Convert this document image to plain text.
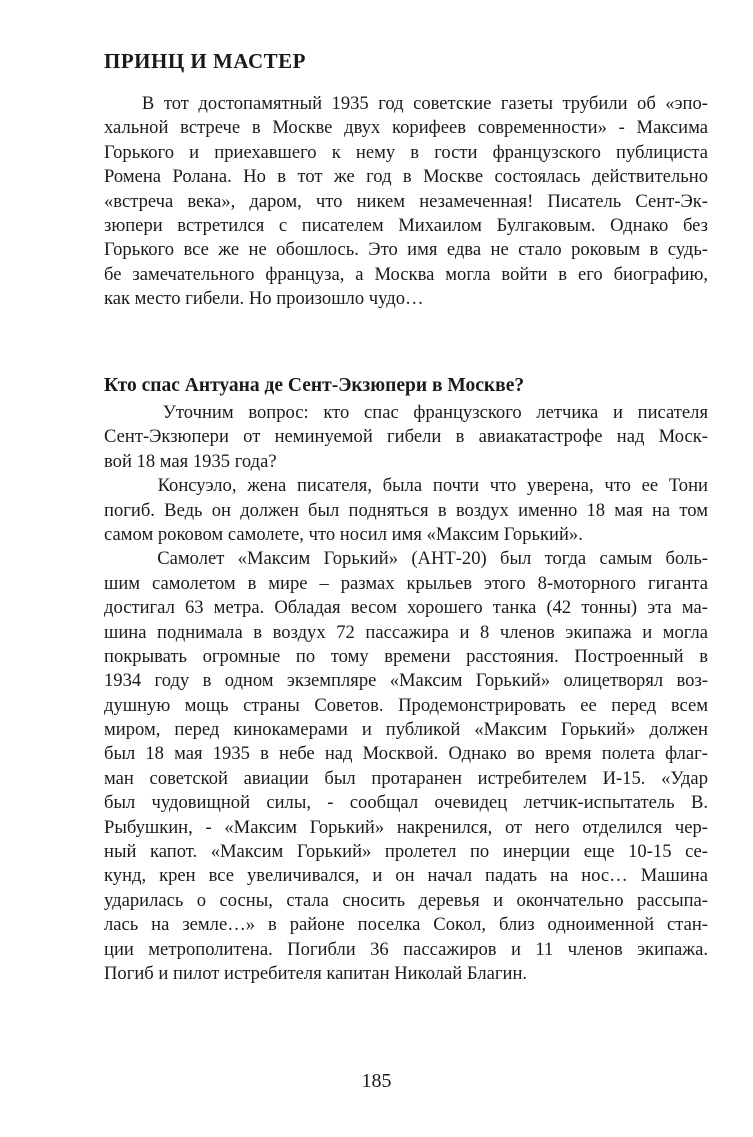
ПРИНЦ И МАСТЕР
В тот достопамятный 1935 год советские газеты трубили об «эпо-
хальной встрече в Москве двух корифеев современности» - Максима
Горького и приехавшего к нему в гости французского публициста
Ромена Ролана. Но в тот же год в Москве состоялась действительно
«встреча века», даром, что никем незамеченная! Писатель Сент-Эк-
зюпери встретился с писателем Михаилом Булгаковым. Однако без
Горького все же не обошлось. Это имя едва не стало роковым в судь-
бе замечательного француза, а Москва могла войти в его биографию,
как место гибели. Но произошло чудо…
Кто спас Антуана де Сент-Экзюпери в Москве?
Уточним вопрос: кто спас французского летчика и писателя
Сент-Экзюпери от неминуемой гибели в авиакатастрофе над Моск-
вой 18 мая 1935 года?
Консуэло, жена писателя, была почти что уверена, что ее Тони
погиб. Ведь он должен был подняться в воздух именно 18 мая на том
самом роковом самолете, что носил имя «Максим Горький».
Самолет «Максим Горький» (АНТ-20) был тогда самым боль-
шим самолетом в мире – размах крыльев этого 8-моторного гиганта
достигал 63 метра. Обладая весом хорошего танка (42 тонны) эта ма-
шина поднимала в воздух 72 пассажира и 8 членов экипажа и могла
покрывать огромные по тому времени расстояния. Построенный в
1934 году в одном экземпляре «Максим Горький» олицетворял воз-
душную мощь страны Советов. Продемонстрировать ее перед всем
миром, перед кинокамерами и публикой «Максим Горький» должен
был 18 мая 1935 в небе над Москвой. Однако во время полета флаг-
ман советской авиации был протаранен истребителем И-15. «Удар
был чудовищной силы, - сообщал очевидец летчик-испытатель В.
Рыбушкин, - «Максим Горький» накренился, от него отделился чер-
ный капот. «Максим Горький» пролетел по инерции еще 10-15 се-
кунд, крен все увеличивался, и он начал падать на нос… Машина
ударилась о сосны, стала сносить деревья и окончательно рассыпа-
лась на земле…» в районе поселка Сокол, близ одноименной стан-
ции метрополитена. Погибли 36 пассажиров и 11 членов экипажа.
Погиб и пилот истребителя капитан Николай Благин.
185
